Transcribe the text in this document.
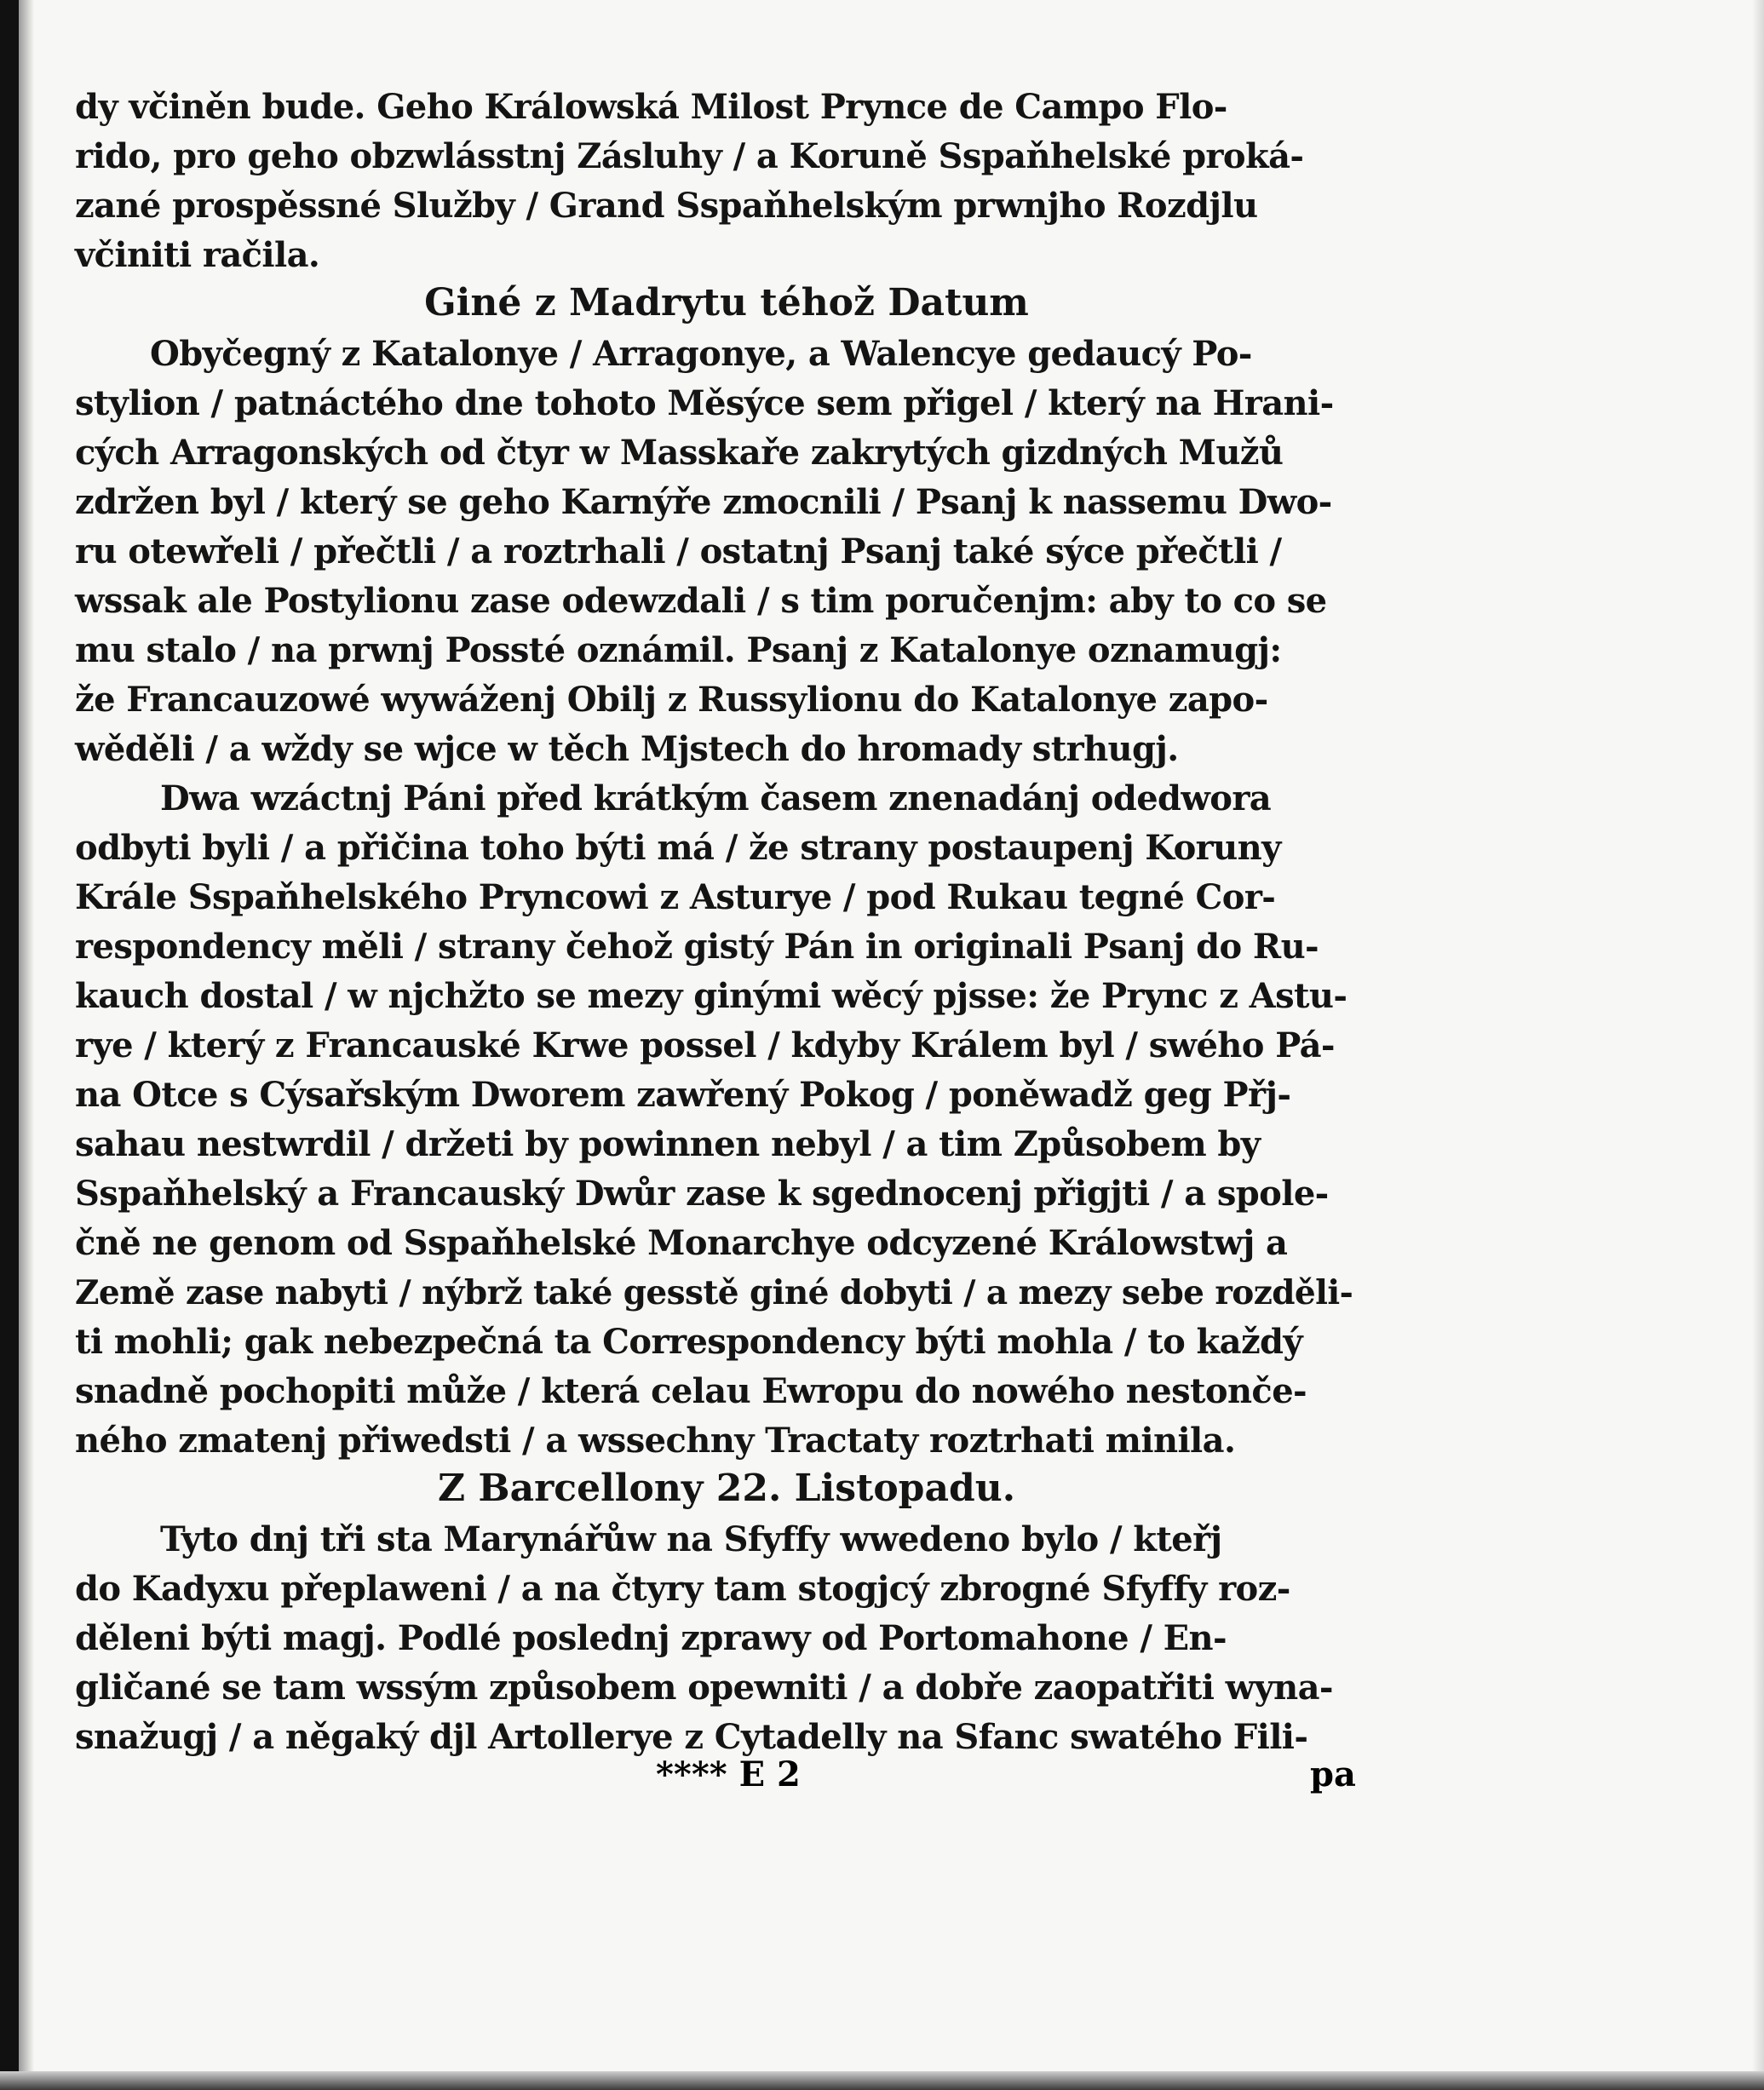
dy včiněn bude. Geho Králowská Milost Prynce de Campo Flo-
rido, pro geho obzwlásstnj Zásluhy / a Koruně Sspaňhelské proká-
zané prospěssné Služby / Grand Sspaňhelským prwnjho Rozdjlu
včiniti račila.
Giné z Madrytu téhož Datum
Obyčegný z Katalonye / Arragonye, a Walencye gedaucý Po-
stylion / patnáctého dne tohoto Měsýce sem přigel / který na Hrani-
cých Arragonských od čtyr w Masskaře zakrytých gizdných Mužů
zdržen byl / který se geho Karnýře zmocnili / Psanj k nassemu Dwo-
ru otewřeli / přečtli / a roztrhali / ostatnj Psanj také sýce přečtli /
wssak ale Postylionu zase odewzdali / s tim poručenjm: aby to co se
mu stalo / na prwnj Possté oznámil. Psanj z Katalonye oznamugj:
že Francauzowé wywáženj Obilj z Russylionu do Katalonye zapo-
wěděli / a wždy se wjce w těch Mjstech do hromady strhugj.
Dwa wzáctnj Páni před krátkým časem znenadánj odedwora
odbyti byli / a přičina toho býti má / že strany postaupenj Koruny
Krále Sspaňhelského Pryncowi z Asturye / pod Rukau tegné Cor-
respondency měli / strany čehož gistý Pán in originali Psanj do Ru-
kauch dostal / w njchžto se mezy ginými wěcý pjsse: že Prync z Astu-
rye / který z Francauské Krwe possel / kdyby Králem byl / swého Pá-
na Otce s Cýsařským Dworem zawřený Pokog / poněwadž geg Přj-
sahau nestwrdil / držeti by powinnen nebyl / a tim Způsobem by
Sspaňhelský a Francauský Dwůr zase k sgednocenj přigjti / a spole-
čně ne genom od Sspaňhelské Monarchye odcyzené Králowstwj a
Země zase nabyti / nýbrž také gesstě giné dobyti / a mezy sebe rozděli-
ti mohli; gak nebezpečná ta Correspondency býti mohla / to každý
snadně pochopiti může / která celau Ewropu do nowého nestonče-
ného zmatenj přiwedsti / a wssechny Tractaty roztrhati minila.
Z Barcellony 22. Listopadu.
Tyto dnj tři sta Marynářůw na Sfyffy wwedeno bylo / kteřj
do Kadyxu přeplaweni / a na čtyry tam stogjcý zbrogné Sfyffy roz-
děleni býti magj. Podlé poslednj zprawy od Portomahone / En-
gličané se tam wssým způsobem opewniti / a dobře zaopatřiti wyna-
snažugj / a něgaký djl Artollerye z Cytadelly na Sfanc swatého Fili-
**** E 2	pa
